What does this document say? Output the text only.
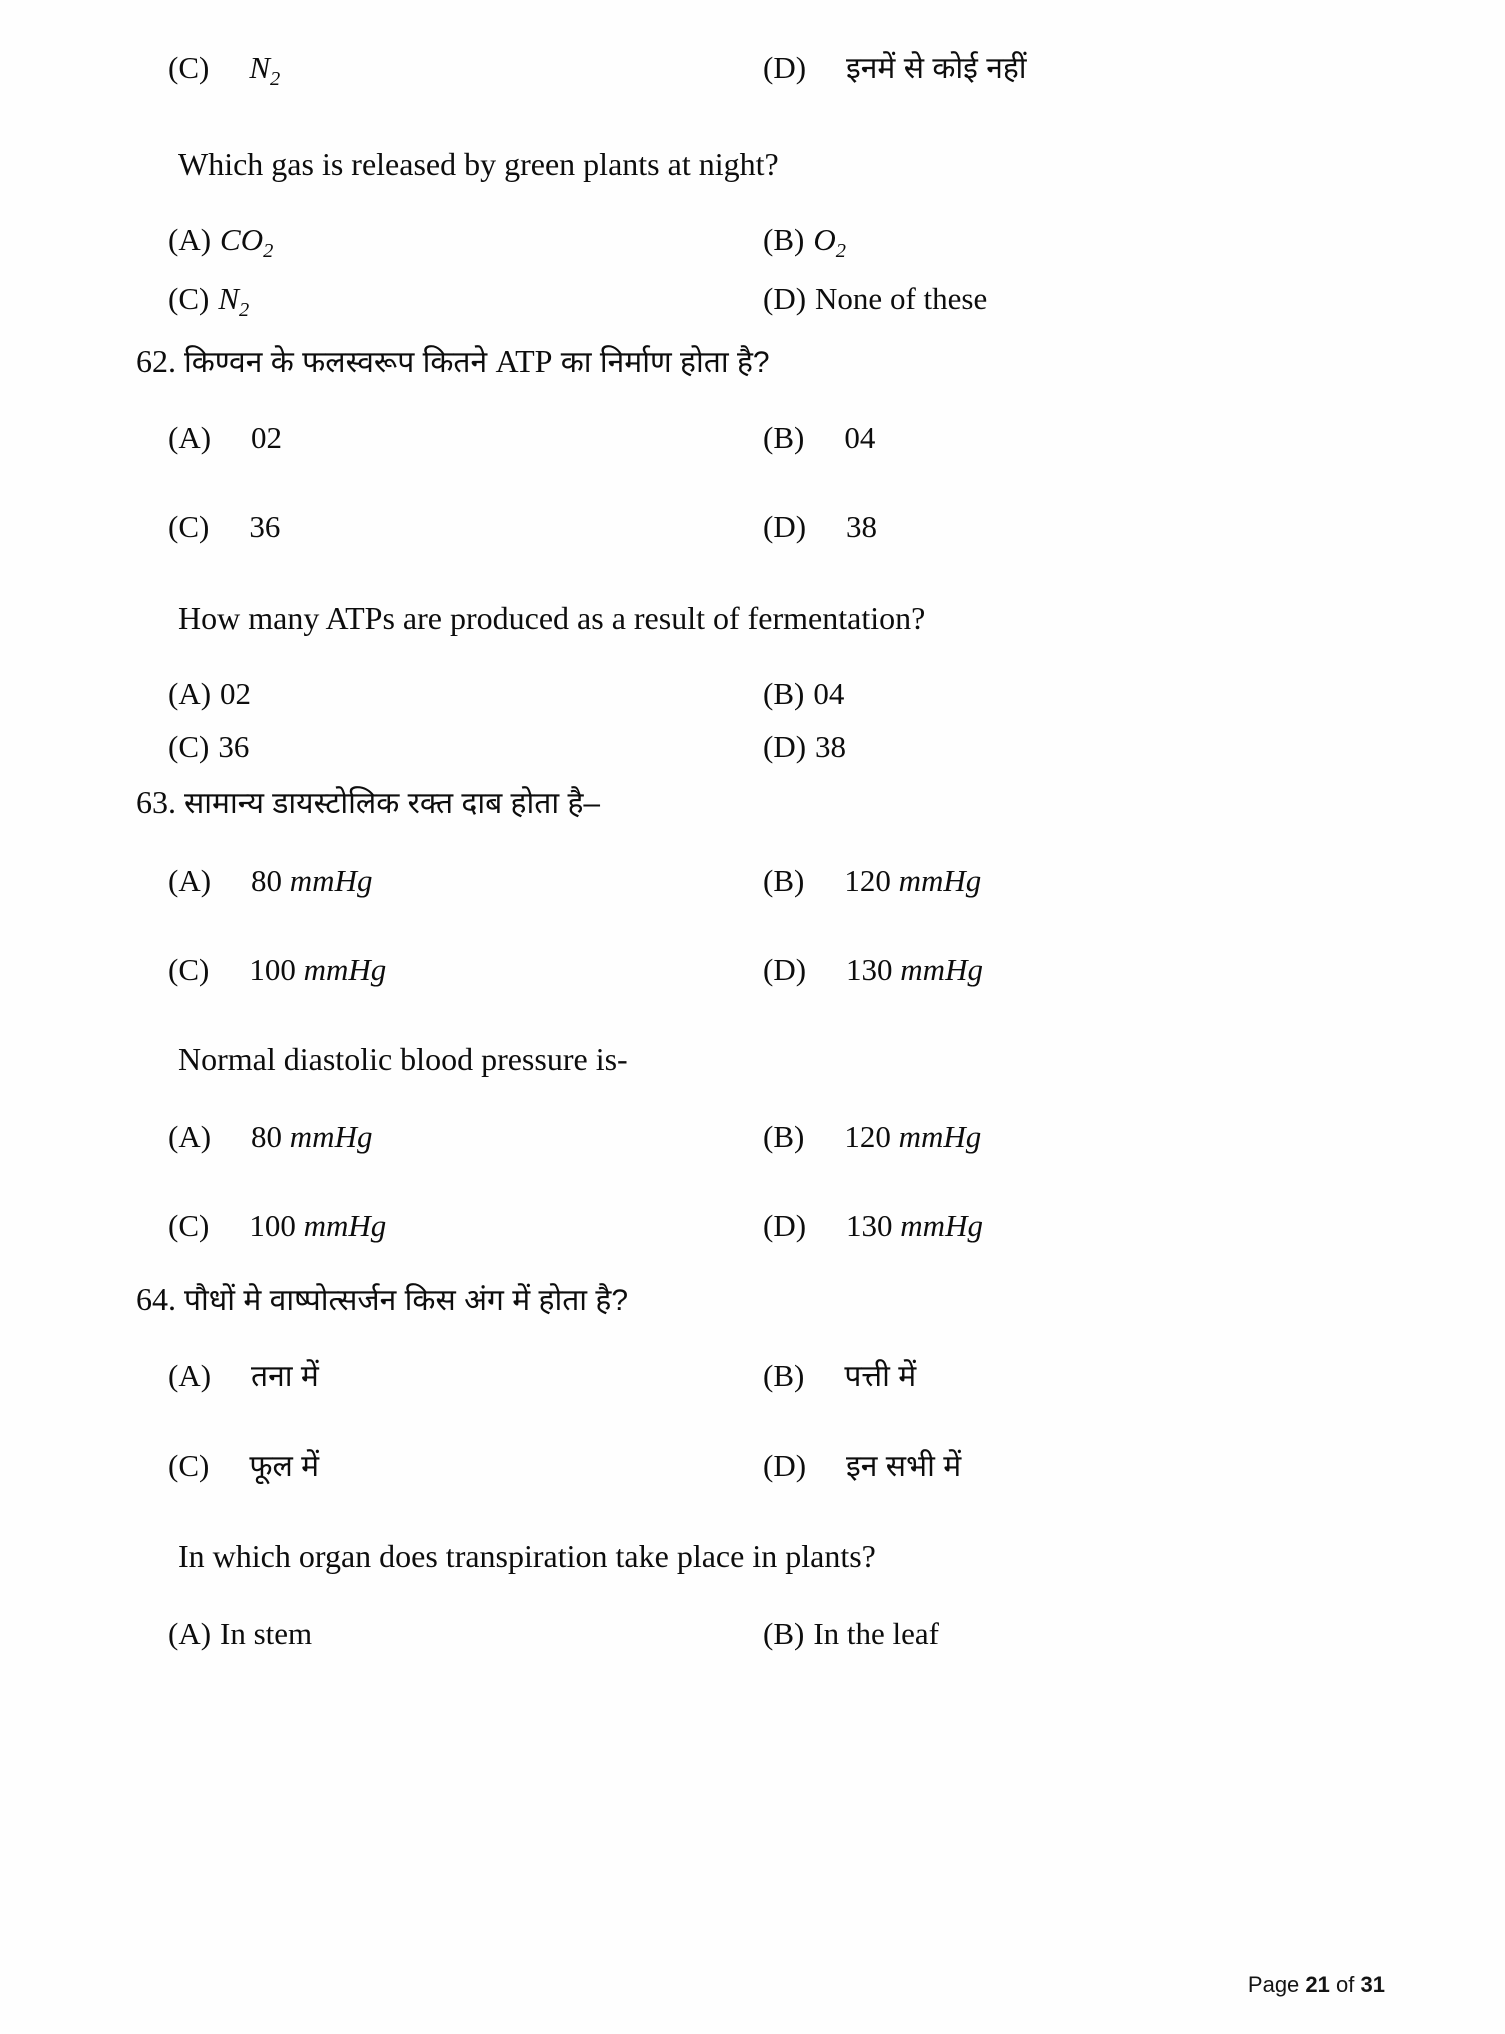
(C) $N_2$	(D) इनमें से कोई नहीं
Which gas is released by green plants at night?
(A) $CO_2$	(B) $O_2$
(C) $N_2$	(D) None of these
62. किण्वन के फलस्वरूप कितने ATP का निर्माण होता है?
(A) 02	(B) 04
(C) 36	(D) 38
How many ATPs are produced as a result of fermentation?
(A) 02	(B) 04
(C) 36	(D) 38
63. सामान्य डायस्टोलिक रक्त दाब होता है–
(A) 80 mmHg	(B) 120 mmHg
(C) 100 mmHg	(D) 130 mmHg
Normal diastolic blood pressure is-
(A) 80 mmHg	(B) 120 mmHg
(C) 100 mmHg	(D) 130 mmHg
64. पौधों मे वाष्पोत्सर्जन किस अंग में होता है?
(A) तना में	(B) पत्ती में
(C) फूल में	(D) इन सभी में
In which organ does transpiration take place in plants?
(A) In stem	(B) In the leaf
Page 21 of 31
